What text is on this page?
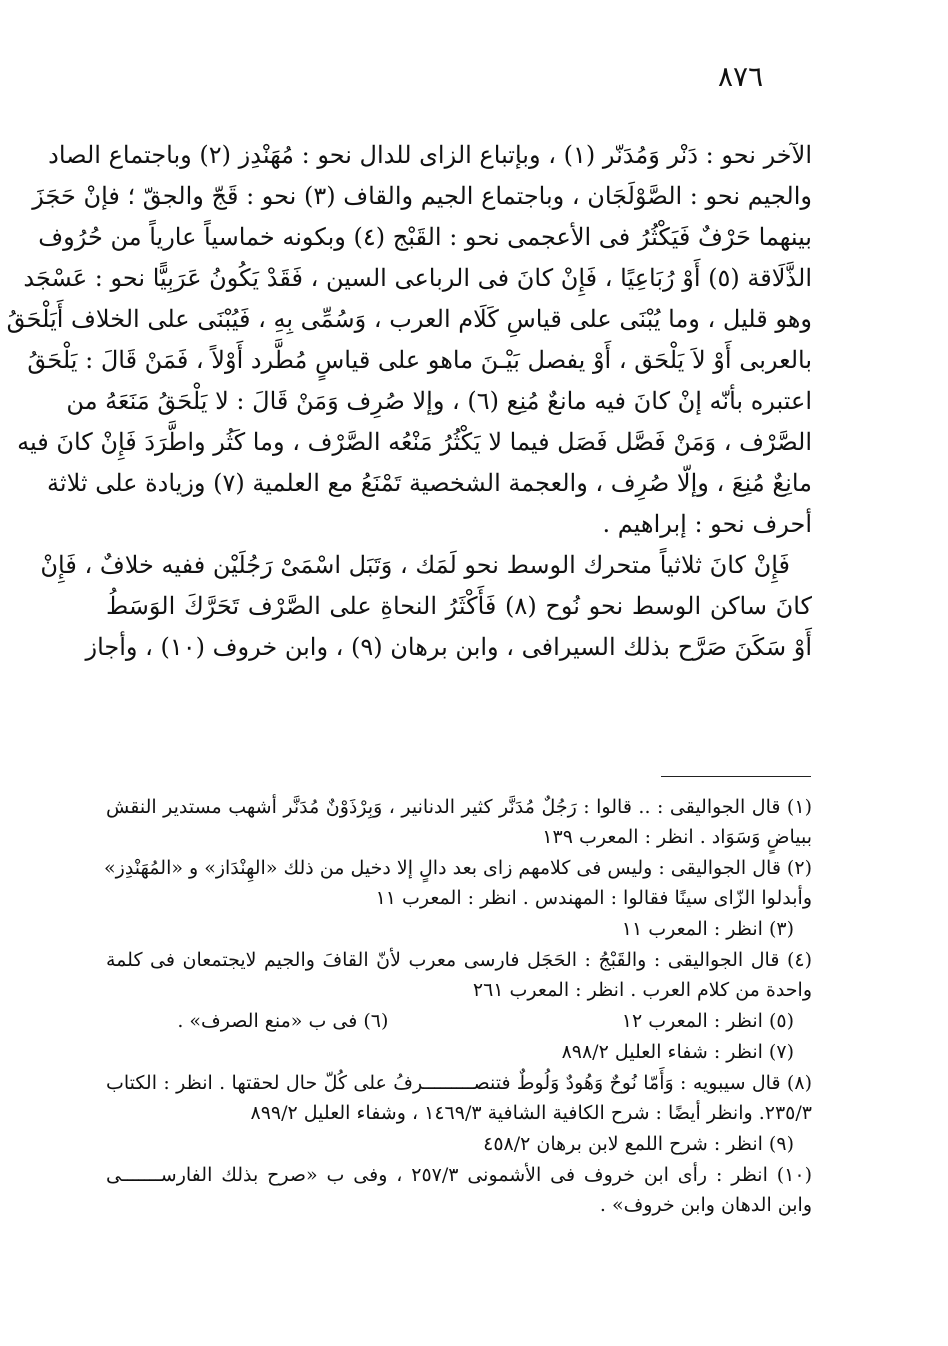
٨٧٦

الآخر نحو : دَنْر وَمُدَنّر (١) ، وبإتباع الزاى للدال نحو : مُهَنْدِز (٢) وباجتماع الصاد
والجيم نحو : الصَّوْلَجَان ، وباجتماع الجيم والقاف (٣) نحو : قَجّ والجقّ ؛ فإنْ حَجَزَ
بينهما حَرْفٌ فَيَكْثُرُ فى الأعجمى نحو : القَبْج (٤) وبكونه خماسياً عارياً من حُرُوف
الذَّلَاقة (٥) أَوْ رُبَاعِيًا ، فَإِنْ كانَ فى الرباعى السين ، فَقَدْ يَكُونُ عَرَبِيًّا نحو : عَسْجَد
وهو قليل ، وما يُبْنَى على قياسِ كَلَام العرب ، وَسُمِّى بِهِ ، فَيُبْنَى على الخلاف أَيَلْحَقُ
بالعربى أَوْ لاَ يَلْحَق ، أَوْ يفصل بَيْـنَ ماهو على قياسٍ مُطَّرد أَوْلاً ، فَمَنْ قَالَ : يَلْحَقُ
اعتبره بأنّه إنْ كانَ فيه مانعٌ مُنِع (٦) ، وإلا صُرِف وَمَنْ قَالَ : لا يَلْحَقُ مَنَعَهُ من
الصَّرْف ، وَمَنْ فَصَّل فَصَل فيما لا يَكْثُرُ مَنْعُه الصَّرْف ، وما كَثُر واطَّرَدَ فَإِنْ كانَ فيه
مانِعٌ مُنِعَ ، وإلّا صُرِف ، والعجمة الشخصية تَمْنَعُ مع العلمية (٧) وزيادة على ثلاثة
أحرف نحو : إبراهيم .

فَإِنْ كانَ ثلاثياً متحرك الوسط نحو لَمَك ، وَتَبَل اسْمَىْ رَجُلَيْن ففيه خلافٌ ، فَإِنْ
كانَ ساكن الوسط نحو نُوح (٨) فَأَكْثَرُ النحاةِ على الصَّرْف تَحَرَّكَ الوَسَطُ
أَوْ سَكَنَ صَرَّح بذلك السيرافى ، وابن برهان (٩) ، وابن خروف (١٠) ، وأجاز

(١) قال الجواليقى : .. قالوا : رَجُلٌ مُدَنَّر كثير الدنانير ، وَبِرْذَوْنٌ مُدَنَّر أشهب مستدير النقش
ببياضٍ وَسَوَاد . انظر : المعرب ١٣٩
(٢) قال الجواليقى : وليس فى كلامهم زاى بعد دالٍ إلا دخيل من ذلك «الهِنْدَاز» و «المُهَنْدِز»
وأبدلوا الزّاى سينًا فقالوا : المهندس . انظر : المعرب ١١
(٣) انظر : المعرب ١١
(٤) قال الجواليقى : والقَبْجُ : الحَجَل فارسى معرب لأنّ القافَ والجيم لايجتمعان فى كلمة
واحدة من كلام العرب . انظر : المعرب ٢٦١
(٥) انظر : المعرب ١٢
(٦) فى ب «منع الصرف» .
(٧) انظر : شفاء العليل ٨٩٨/٢
(٨) قال سيبويه : وَأَمّا نُوحٌ وَهُودٌ وَلُوطٌ فتنصـــــــــرفُ على كُلّ حال لحقتها . انظر : الكتاب
٢٣٥/٣. وانظر أيضًا : شرح الكافية الشافية ١٤٦٩/٣ ، وشفاء العليل ٨٩٩/٢
(٩) انظر : شرح اللمع لابن برهان ٤٥٨/٢
(١٠) انظر : رأى ابن خروف فى الأشمونى ٢٥٧/٣ ، وفى ب «صرح بذلك الفارســـــــى
وابن الدهان وابن خروف» .
